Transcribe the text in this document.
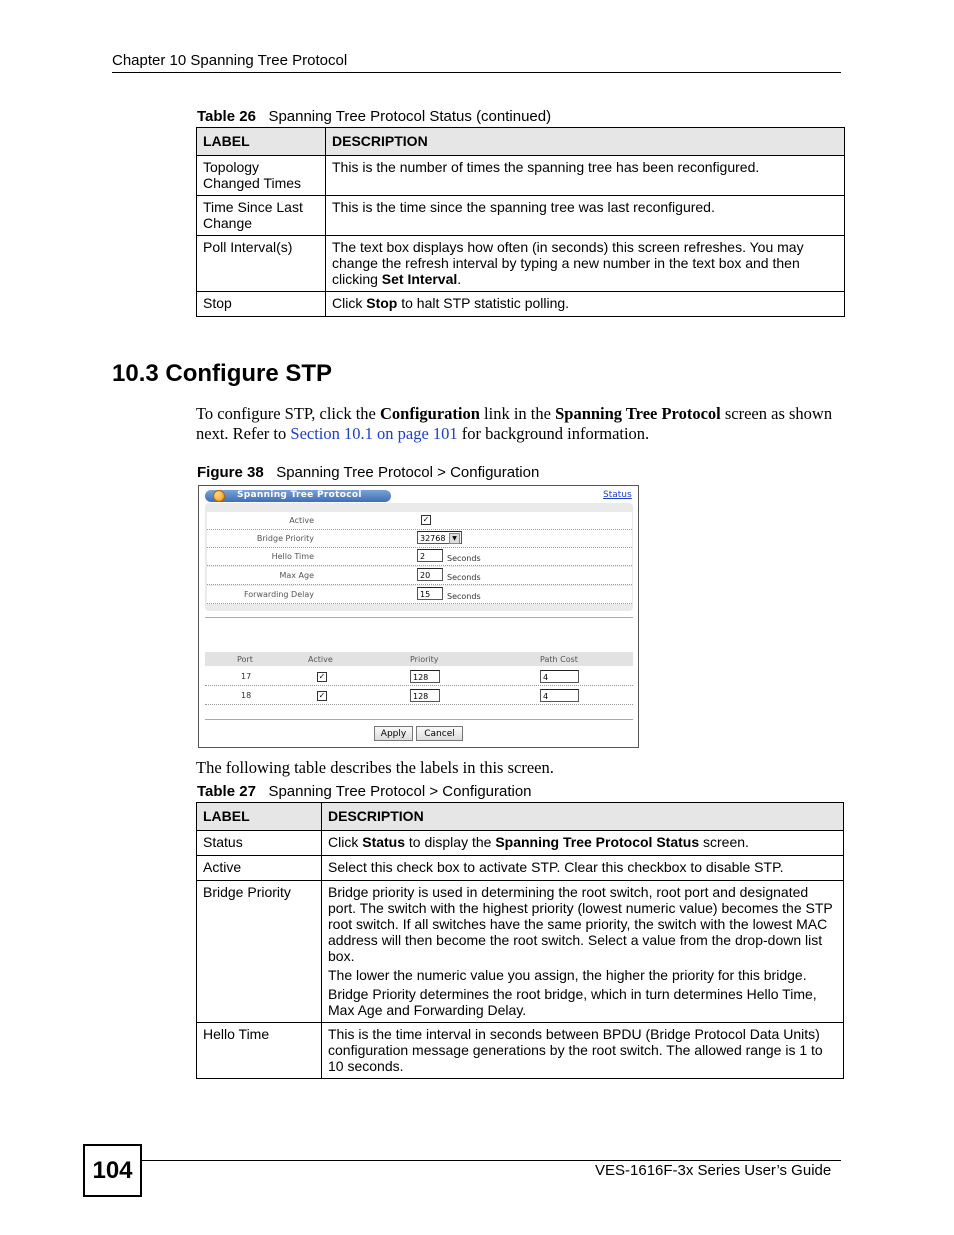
Chapter 10 Spanning Tree Protocol
Table 26 Spanning Tree Protocol Status (continued)
LABEL	DESCRIPTION
Topology Changed Times	This is the number of times the spanning tree has been reconfigured.
Time Since Last Change	This is the time since the spanning tree was last reconfigured.
Poll Interval(s)	The text box displays how often (in seconds) this screen refreshes. You may change the refresh interval by typing a new number in the text box and then clicking Set Interval.
Stop	Click Stop to halt STP statistic polling.
10.3 Configure STP
To configure STP, click the Configuration link in the Spanning Tree Protocol screen as shown next. Refer to Section 10.1 on page 101 for background information.
Figure 38 Spanning Tree Protocol > Configuration
Spanning Tree Protocol	Status
Active	✓
Bridge Priority	32768	▼
Hello Time	2	Seconds
Max Age	20	Seconds
Forwarding Delay	15	Seconds
Port	Active	Priority	Path Cost
17	✓	128	4
18	✓	128	4
Apply	Cancel
The following table describes the labels in this screen.
Table 27 Spanning Tree Protocol > Configuration
LABEL	DESCRIPTION
Status	Click Status to display the Spanning Tree Protocol Status screen.
Active	Select this check box to activate STP. Clear this checkbox to disable STP.
Bridge Priority	Bridge priority is used in determining the root switch, root port and designated port. The switch with the highest priority (lowest numeric value) becomes the STP root switch. If all switches have the same priority, the switch with the lowest MAC address will then become the root switch. Select a value from the drop-down list box.

The lower the numeric value you assign, the higher the priority for this bridge.

Bridge Priority determines the root bridge, which in turn determines Hello Time, Max Age and Forwarding Delay.

Hello Time	This is the time interval in seconds between BPDU (Bridge Protocol Data Units) configuration message generations by the root switch. The allowed range is 1 to 10 seconds.
104	VES-1616F-3x Series User’s Guide
